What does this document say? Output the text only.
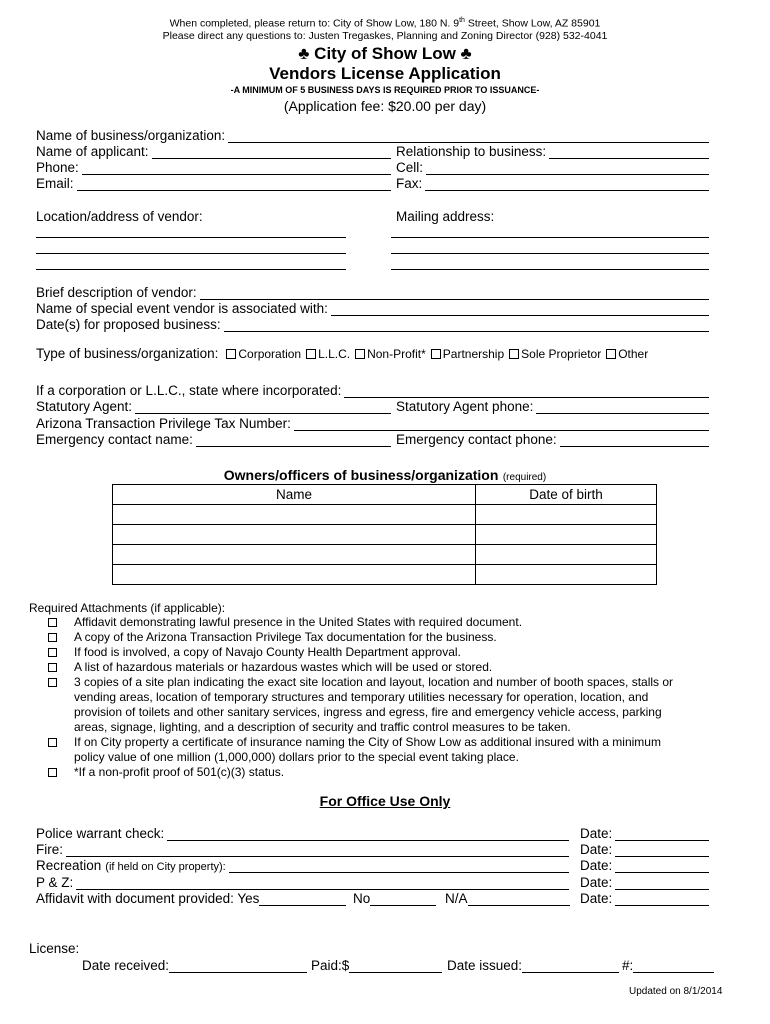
When completed, please return to: City of Show Low, 180 N. 9th Street, Show Low, AZ 85901
Please direct any questions to: Justen Tregaskes, Planning and Zoning Director (928) 532-4041
♣ City of Show Low ♣
Vendors License Application
-A MINIMUM OF 5 BUSINESS DAYS IS REQUIRED PRIOR TO ISSUANCE-
(Application fee: $20.00 per day)
Name of business/organization:
Name of applicant:	Relationship to business:
Phone:	Cell:
Email:	Fax:
Location/address of vendor:	Mailing address:
Brief description of vendor:
Name of special event vendor is associated with:
Date(s) for proposed business:
Type of business/organization: Corporation L.L.C. Non-Profit* Partnership Sole Proprietor Other
If a corporation or L.L.C., state where incorporated:
Statutory Agent:	Statutory Agent phone:
Arizona Transaction Privilege Tax Number:
Emergency contact name:	Emergency contact phone:
Owners/officers of business/organization (required)
Name	Date of birth

Required Attachments (if applicable):
Affidavit demonstrating lawful presence in the United States with required document.
A copy of the Arizona Transaction Privilege Tax documentation for the business.
If food is involved, a copy of Navajo County Health Department approval.
A list of hazardous materials or hazardous wastes which will be used or stored.
3 copies of a site plan indicating the exact site location and layout, location and number of booth spaces, stalls or
vending areas, location of temporary structures and temporary utilities necessary for operation, location, and
provision of toilets and other sanitary services, ingress and egress, fire and emergency vehicle access, parking
areas, signage, lighting, and a description of security and traffic control measures to be taken.
If on City property a certificate of insurance naming the City of Show Low as additional insured with a minimum
policy value of one million (1,000,000) dollars prior to the special event taking place.
*If a non-profit proof of 501(c)(3) status.
For Office Use Only
Police warrant check:	Date:
Fire:	Date:
Recreation (if held on City property):	Date:
P & Z:	Date:
Affidavit with document provided: Yes	No	N/A	Date:
License:
Date received:	Paid:$	Date issued:	#:
Updated on 8/1/2014
